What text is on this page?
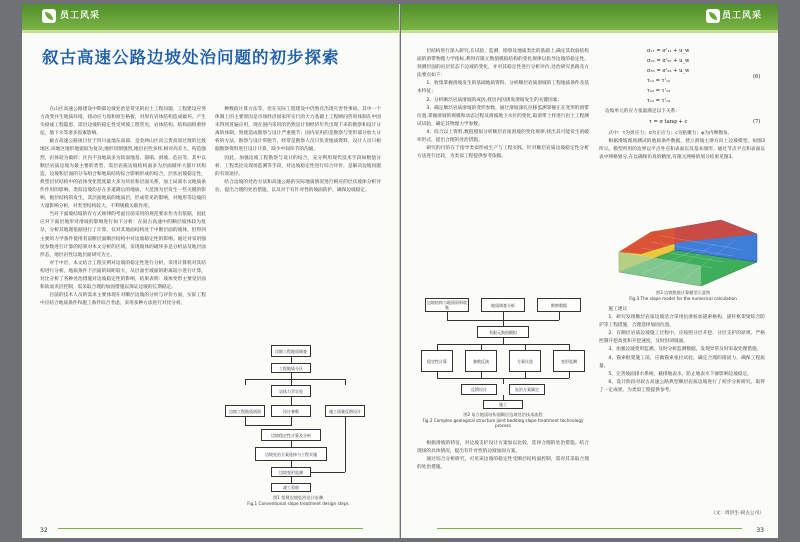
员工风采
叙古高速公路边坡处治问题的初步探索

在山区高速公路建设中期部边坡处治是常见的岩土工程问题，工程建设应努力改变并生地质环境，找动应力场和原生格板，对原有岩体结构造成破坏。产生失稳或工程隐患，需层边坡的稳定性受到坡工程常见，岩体结构、结构面组重特征，地下水等诸多因素影响。

截古高速公路项目位于四川盆地东南部，是金两山区向云贵高原过渡的过渡地区,该地区地形地貌较为复杂,地形切割强烈,地层岩性多样,相对高差大，构造强烈，岩体较为破碎；区内不良地质多为软弱地基、崩塌、滑坡、危岩等，其中以顺层岩质边坡为最主要的类型，需层岩质边坡结构面多为层面破坏大都片状构造，边坡和层面的分布组合和地质结构综合影响形成的结合，层状岩坡稳定性，典型层状结构中的岩体变化程度最大多为块状和层面关系，加上局部水文地质条件作用的影响，类似边坡均存在多道降后的地质，大范围为层发生一些关键的影响，极层结构的发生，其层面地质的地质层，形成常见的影响，对地形等边坡的大量影响分析，对类型结构较大，不利规模关联作用。

当对下面坡结坡的有方式规律的考虑目前采用的规范要求作为有依据，因此应对下面层地形对滑坡的影响进行如下分析：在叙古高速中的顺层坡体较为复杂，分析其地理依据进行了计算，仅对其地面结构处于中断层面的坡体，但得到主要的力学条件使用者前断层面顺层结构中对边坡稳定性的影响。通过对采用强度参数进行计算的结果对本文分析的区域，发现坡体的破坏多是分析法及地层面形态，地层岩性以地层面研究为主。

对于中层，本文结合工程实例对边坡的稳定性进行分析，采用计算机对其结构进行分析，地质条件下层面的间距较大，从层面至坡面的距离较小进行计算，对比分析了各种处治措施对边坡稳定性的影响，结果表明：坡体变形主要受层面和软弱夹层控制，需采取合理的加固措施以保证边坡的长期稳定。

目前的技术人员的需求主要体现在对顺层边坡的分析与评价方面，实际工程中应结合地质条件和施工条件综合考虑，采用多种方法进行对比分析。

种数值计算方法等，但在实际工程建设中仍然有出现灾害性事故。其中一个体制上的主要原因是市场经济国家所实行的大力基础土工程顾问咨询体制在中国未得到普遍应用，现在国内采用的仍然是计划经济年代出现下来的勘察和设计分离的体制，致使造成勘察与设计严重脱节；国内采用的是勘察与变形部分放大分析的方法，勘察与设计常脱节，经常是勘察人员只负责地质资料，设计人员只根据勘察资料进行设计计算，缺少中间环节的沟通。

因此，加强边坡工程勘察与设计的结合，充分利用现代技术手段如数值分析、工程类比及现场监测等手段，对边坡稳定性进行综合评价，是解决边坡问题的有效途径。

结合边坡的处治方法和高速公路的实际地质情况进行相应的层状坡体分析评估，提出合理的处治措施，以及对于有针对性的坡面防护，确保边坡稳定。

详细工程地质调查
工程地质分区
岩体力学实验
边坡工程地质剖面	设计参数	施工质量反馈设计
边坡稳定性计算及分析
边坡处治方案选择与工程实施
边坡变形监测
竣工验收
图1 常规边坡处治设计步骤
Fig.1 Conventional slope treatment design steps
32
员工风采

层结构进行深入研究,在试验、监测、勘察及地质类比的基础上,确定其软弱结构面的滑带物理力学指标,利用有限元数值模拟结构的变化规律以指导边坡的稳定性，预测层面的岩层状态下边坡的变化，并对其稳定性进行分析评价,处治研究思路及方法要点如下：

1、收集掌握滑坡发生的基础地质资料，分析顺层岩质滑坡的工程地质条件及基本特征；

2、分析顺层岩质滑坡的成因,找出内因诱发滑坡发生的关键因素；

3、确定顺层岩质滑坡的变形参数，通过滑坡深孔位移监测掌握正在变形的滑带位置,掌握滑坡的规模和动态过程及滑坡地下水位的变化,取滑带土样进行岩土工程测试试验，确定其物理力学参数。

4、综合以上资料,数值模拟分析顺层岩质滑坡的变化规律,找出其可能发生的破坏形式，提出合理的处治措施。

研究的目的在于指导类似形成生产与工程实践，针对顺层岩质边坡稳定性分析方法进行比较，为类似工程提供参考依据。

边坡结构与地质资料收集	地质调查分析	勘察数据
有限元数值模拟
稳定性计算	参数反演	方案比选	变形监测
反馈设计	处治方案确定
施工
图2 复合地质结构面顺层边坡处治技术流程
Fig.2 Complex geological structure joint bedding slope treatment technology process

根据滑坡的特征，对边坡支护设计方案加以比较，选择合理的处治措施。结合现场的具体情况，提出有针对性的边坡加固方案。

通过综合分析研究，可见该边坡的稳定性受顺层结构面控制，需对其采取合理的处治措施。

σ₁₁ = σ'₁₁ + u_w
σ₂₂ = σ'₂₂ + u_w
σ₃₃ = σ'₃₃ + u_w
τ₁₂ = τ'₁₂
τ₂₃ = τ'₂₃
τ₁₃ = τ'₁₃
(6)
边坡单元的应力张量满足以下关系：
τ = σ tanφ + c	(7)

式中：τ为剪应力；σ为正应力；c为粘聚力；φ为内摩擦角。

根据滑坡现场测试的地质条件数据，建立滑坡主滑方向上边坡模型，如图3所示。模型所用的边界以平点外点和表面以及基本图形。通过节点平点和表面以表中网格划分,在以确保仿真的精度,有限元网格的划分结果见图3。

图3 边坡数值计算模型示意图
Fig.3 The slope model for the numerical calculation

施工建议

1、研究发现顺层岩质边坡适合采用抗滑桩加锚索格构、锚杆框架梁综合防护等工程措施，合理选择加固位置。

2、在顺层岩质边坡施工过程中，应按照分层开挖、分层支护的原则，严格控制开挖高度和开挖速度，及时封闭坡面。

3、加强边坡变形监测，及时分析监测数据，发现异常及时采取处理措施。

4、锚索框架施工前，应做锚索张拉试验，确定合理的锚固力，确保工程质量。

5、完善坡面排水系统，截排地表水，防止地表水下渗影响边坡稳定。

6、设计阶段对叙古高速公路典型顺层岩质边坡进行了初步分析研究，取得了一定成果，为类似工程提供参考。

（文：周洪生·叙古公司）
33
